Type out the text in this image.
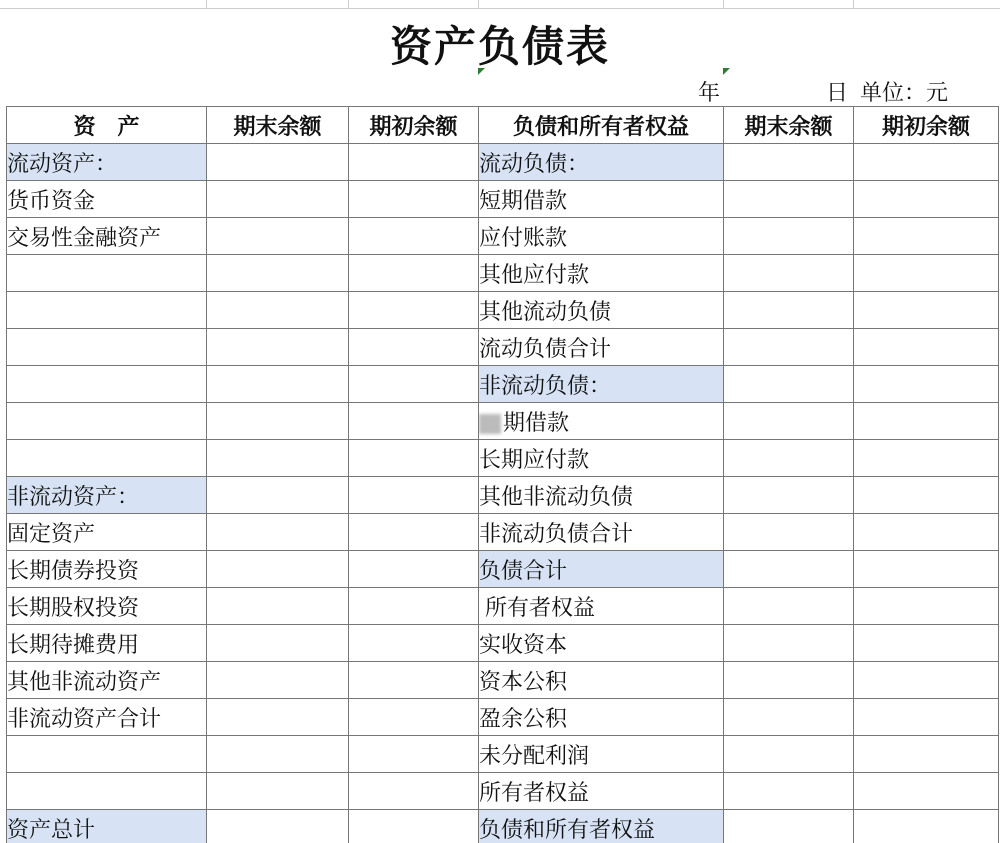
资产负债表
年	日 单位：元
资　产	期末余额	期初余额	负债和所有者权益	期末余额	期初余额
流动资产：			流动负债：		
货币资金			短期借款		
交易性金融资产			应付账款		
			其他应付款		
			其他流动负债		
			流动负债合计		
			非流动负债：		
			期借款		
			长期应付款		
非流动资产：			其他非流动负债		
固定资产			非流动负债合计		
长期债券投资			负债合计		
长期股权投资			所有者权益		
长期待摊费用			实收资本		
其他非流动资产			资本公积		
非流动资产合计			盈余公积		
			未分配利润		
			所有者权益		
资产总计			负债和所有者权益		
